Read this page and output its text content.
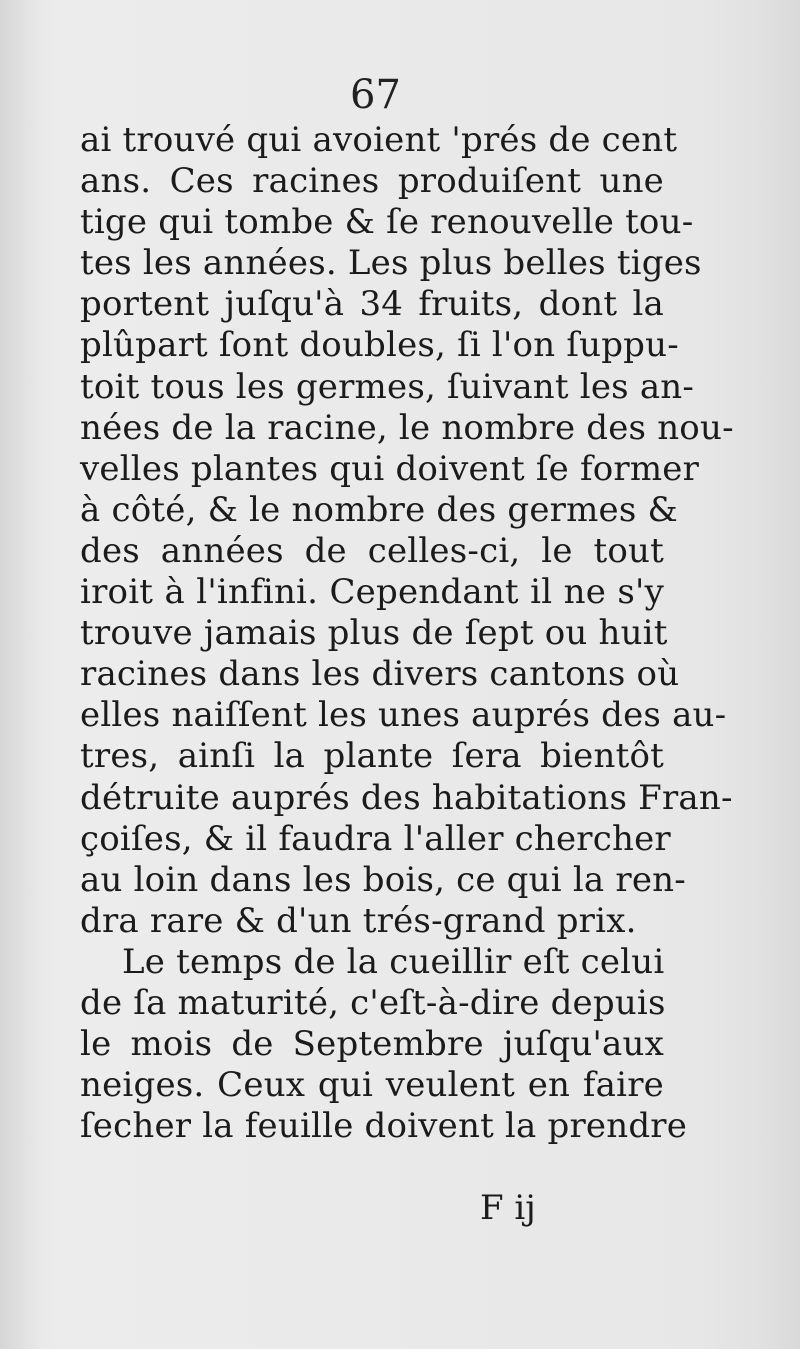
67
ai trouvé qui avoient 'prés de cent
ans. Ces racines produiſent une
tige qui tombe & ſe renouvelle tou-
tes les années. Les plus belles tiges
portent juſqu'à 34 fruits, dont la
plûpart ſont doubles, ſi l'on ſuppu-
toit tous les germes, ſuivant les an-
nées de la racine, le nombre des nou-
velles plantes qui doivent ſe former
à côté, & le nombre des germes &
des années de celles-ci, le tout
iroit à l'infini. Cependant il ne s'y
trouve jamais plus de ſept ou huit
racines dans les divers cantons où
elles naiſſent les unes auprés des au-
tres, ainſi la plante ſera bientôt
détruite auprés des habitations Fran-
çoiſes, & il faudra l'aller chercher
au loin dans les bois, ce qui la ren-
dra rare & d'un trés-grand prix.
Le temps de la cueillir eſt celui
de ſa maturité, c'eſt-à-dire depuis
le mois de Septembre juſqu'aux
neiges. Ceux qui veulent en faire
ſecher la feuille doivent la prendre
F ij
